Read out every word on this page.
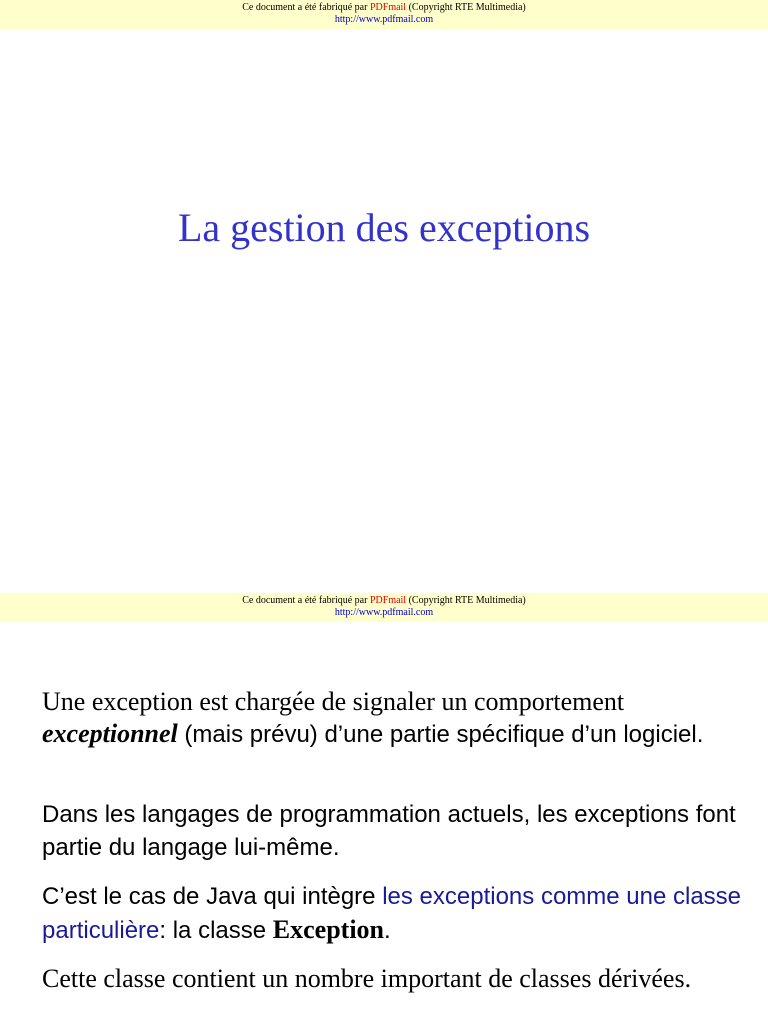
Ce document a été fabriqué par PDFmail (Copyright RTE Multimedia)
http://www.pdfmail.com
La gestion des exceptions
Ce document a été fabriqué par PDFmail (Copyright RTE Multimedia)
http://www.pdfmail.com

Une exception est chargée de signaler un comportement
exceptionnel (mais prévu) d’une partie spécifique d’un logiciel.

Dans les langages de programmation actuels, les exceptions font partie du langage lui-même.

C’est le cas de Java qui intègre les exceptions comme une classe particulière: la classe Exception.

Cette classe contient un nombre important de classes dérivées.
